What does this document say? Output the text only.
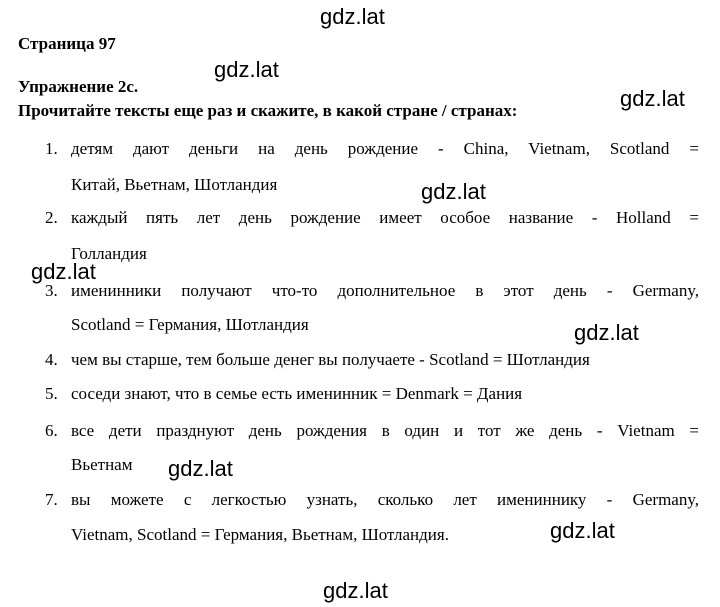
Страница 97
Упражнение 2с.
Прочитайте тексты еще раз и скажите, в какой стране / странах:
1. детям дают деньги на день рождение - China, Vietnam, Scotland =
Китай, Вьетнам, Шотландия
2. каждый пять лет день рождение имеет особое название - Holland =
Голландия
3. именинники получают что-то дополнительное в этот день - Germany,
Scotland = Германия, Шотландия
4. чем вы старше, тем больше денег вы получаете - Scotland = Шотландия
5. соседи знают, что в семье есть именинник = Denmark = Дания
6. все дети празднуют день рождения в один и тот же день - Vietnam =
Вьетнам
7. вы можете с легкостью узнать, сколько лет имениннику - Germany,
Vietnam, Scotland = Германия, Вьетнам, Шотландия.
gdz.lat
gdz.lat
gdz.lat
gdz.lat
gdz.lat
gdz.lat
gdz.lat
gdz.lat
gdz.lat
